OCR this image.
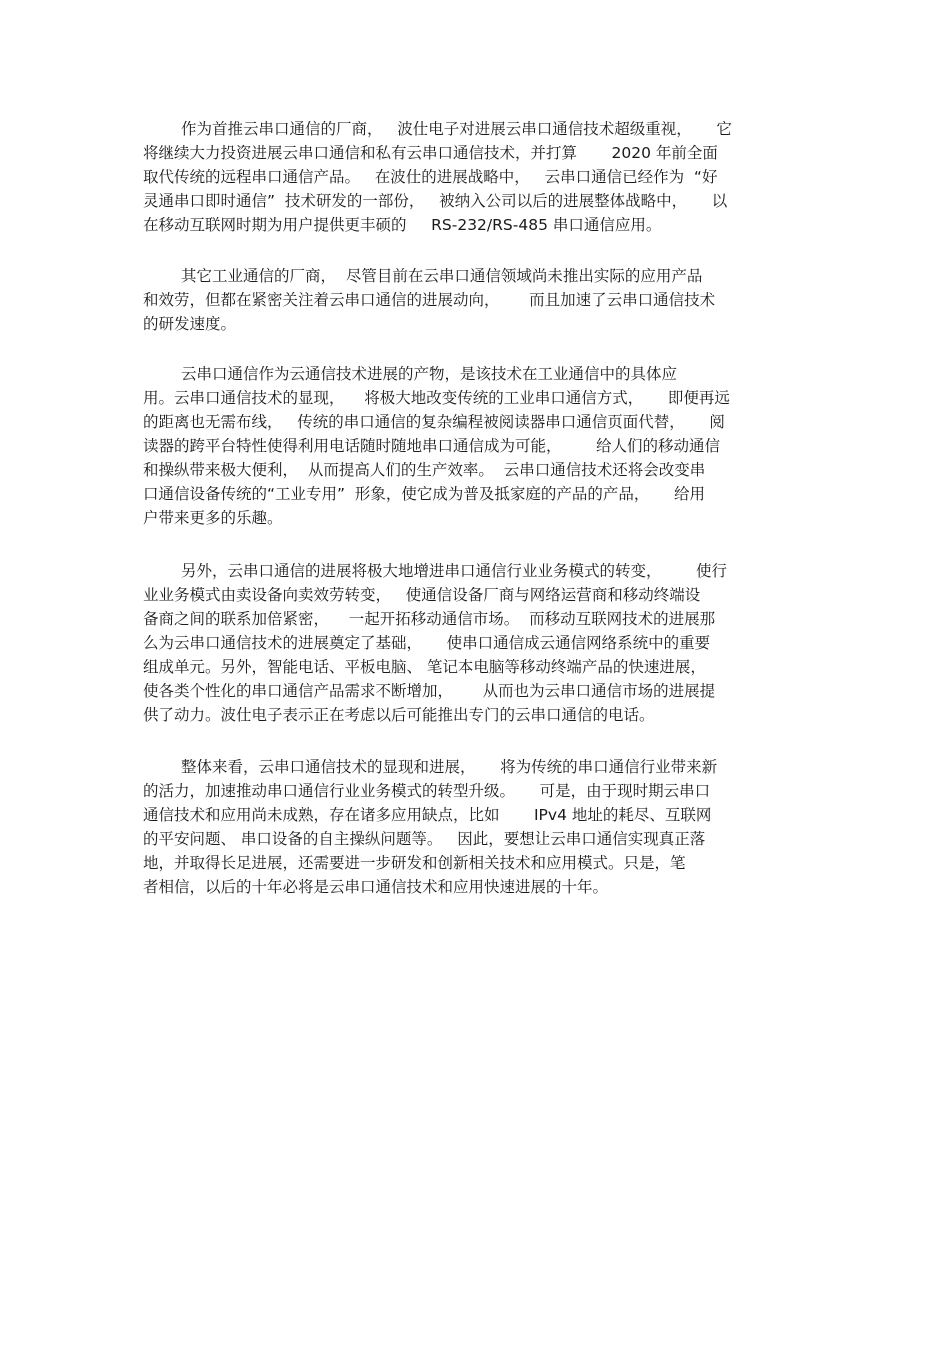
作为首推云串口通信的厂商，   波仕电子对进展云串口通信技术超级重视，     它
将继续大力投资进展云串口通信和私有云串口通信技术，并打算       2020 年前全面
取代传统的远程串口通信产品。   在波仕的进展战略中，   云串口通信已经作为  “好
灵通串口即时通信”  技术研发的一部份，   被纳入公司以后的进展整体战略中，     以
在移动互联网时期为用户提供更丰硕的     RS-232/RS-485 串口通信应用。
其它工业通信的厂商，  尽管目前在云串口通信领域尚未推出实际的应用产品
和效劳，但都在紧密关注着云串口通信的进展动向，      而且加速了云串口通信技术
的研发速度。
云串口通信作为云通信技术进展的产物，是该技术在工业通信中的具体应
用。云串口通信技术的显现，    将极大地改变传统的工业串口通信方式，     即便再远
的距离也无需布线，   传统的串口通信的复杂编程被阅读器串口通信页面代替，     阅
读器的跨平台特性使得利用电话随时随地串口通信成为可能，       给人们的移动通信
和操纵带来极大便利，  从而提高人们的生产效率。  云串口通信技术还将会改变串
口通信设备传统的“工业专用”  形象，使它成为普及抵家庭的产品的产品，     给用
户带来更多的乐趣。
另外，云串口通信的进展将极大地增进串口通信行业业务模式的转变，       使行
业业务模式由卖设备向卖效劳转变，   使通信设备厂商与网络运营商和移动终端设
备商之间的联系加倍紧密，    一起开拓移动通信市场。  而移动互联网技术的进展那
么为云串口通信技术的进展奠定了基础，     使串口通信成云通信网络系统中的重要
组成单元。另外，智能电话、平板电脑、 笔记本电脑等移动终端产品的快速进展，
使各类个性化的串口通信产品需求不断增加，      从而也为云串口通信市场的进展提
供了动力。波仕电子表示正在考虑以后可能推出专门的云串口通信的电话。
整体来看，云串口通信技术的显现和进展，     将为传统的串口通信行业带来新
的活力，加速推动串口通信行业业务模式的转型升级。     可是，由于现时期云串口
通信技术和应用尚未成熟，存在诸多应用缺点，比如       IPv4 地址的耗尽、互联网
的平安问题、 串口设备的自主操纵问题等。   因此，要想让云串口通信实现真正落
地，并取得长足进展，还需要进一步研发和创新相关技术和应用模式。只是，笔
者相信，以后的十年必将是云串口通信技术和应用快速进展的十年。
